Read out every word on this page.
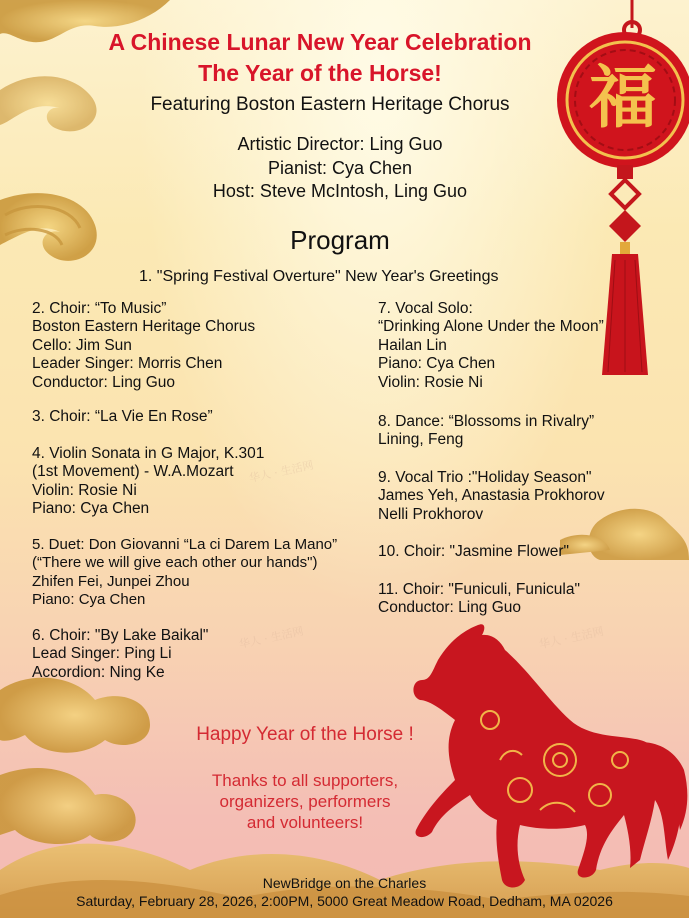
华人 · 生活网
华人 · 生活网	华人 · 生活网
福
A Chinese Lunar New Year Celebration
The Year of the Horse!
Featuring Boston Eastern Heritage Chorus
Artistic Director: Ling Guo
Pianist: Cya Chen
Host: Steve McIntosh, Ling Guo
Program
1. "Spring Festival Overture" New Year's Greetings
2. Choir: “To Music”
Boston Eastern Heritage Chorus
Cello: Jim Sun
Leader Singer: Morris Chen
Conductor: Ling Guo
3. Choir: “La Vie En Rose”
4. Violin Sonata in G Major, K.301
(1st Movement) - W.A.Mozart
Violin: Rosie Ni
Piano: Cya Chen
5. Duet: Don Giovanni “La ci Darem La Mano”
(“There we will give each other our hands")
Zhifen Fei, Junpei Zhou
Piano: Cya Chen
6. Choir: "By Lake Baikal"
Lead Singer: Ping Li
Accordion: Ning Ke
7. Vocal Solo:
“Drinking Alone Under the Moon”
Hailan Lin
Piano: Cya Chen
Violin: Rosie Ni
8. Dance: “Blossoms in Rivalry”
Lining, Feng
9. Vocal Trio :"Holiday Season"
James Yeh, Anastasia Prokhorov
Nelli Prokhorov
10. Choir: "Jasmine Flower"
11. Choir: "Funiculi, Funicula"
Conductor: Ling Guo
Happy Year of the Horse !
Thanks to all supporters,
organizers, performers
and volunteers!
NewBridge on the Charles
Saturday, February 28, 2026, 2:00PM, 5000 Great Meadow Road, Dedham, MA 02026
